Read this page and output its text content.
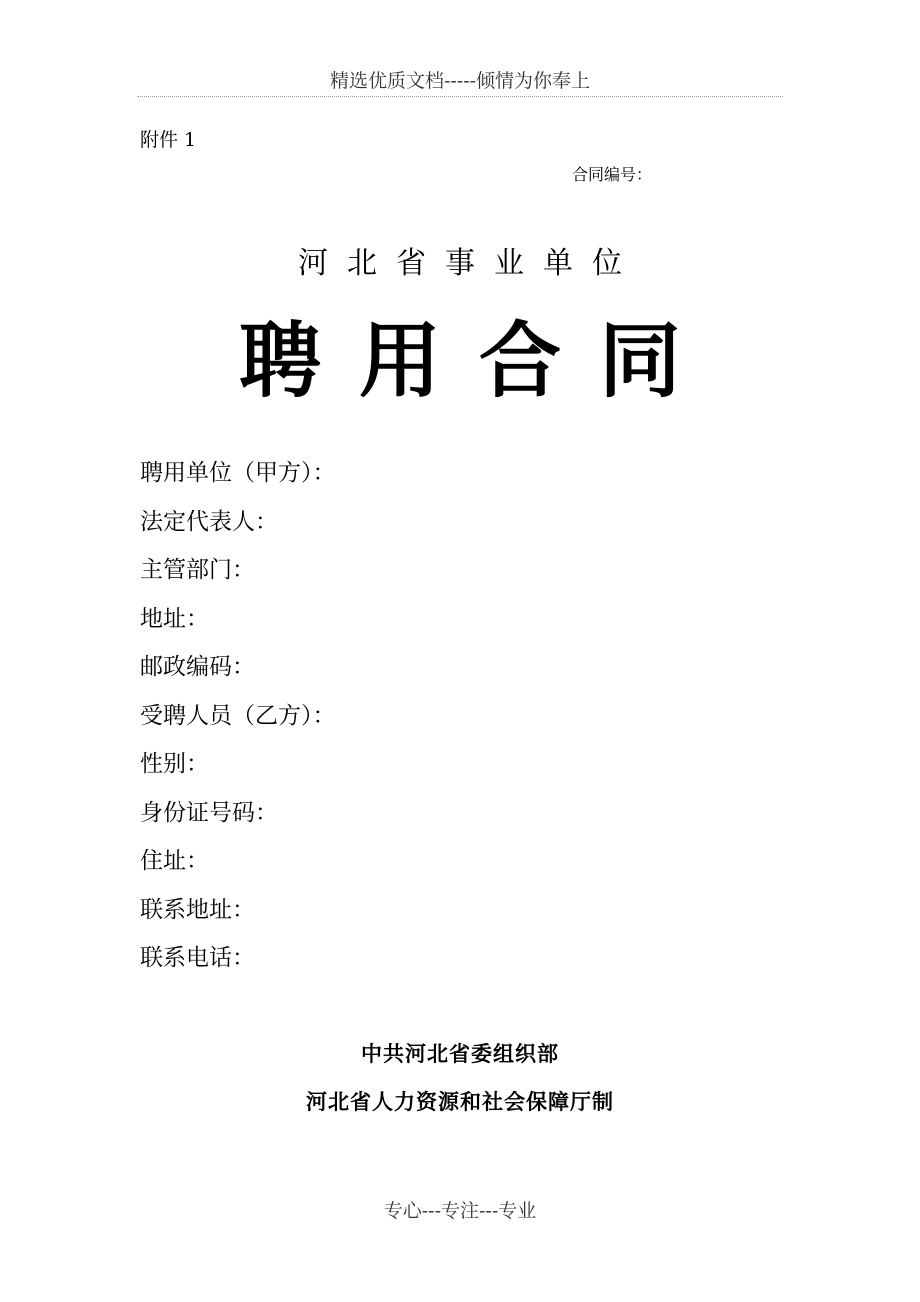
精选优质文档-----倾情为你奉上
附件 1
合同编号：
河北省事业单位
聘用合同
聘用单位（甲方）：
法定代表人：
主管部门：
地址：
邮政编码：
受聘人员（乙方）：
性别：
身份证号码：
住址：
联系地址：
联系电话：
中共河北省委组织部
河北省人力资源和社会保障厅制
专心---专注---专业
